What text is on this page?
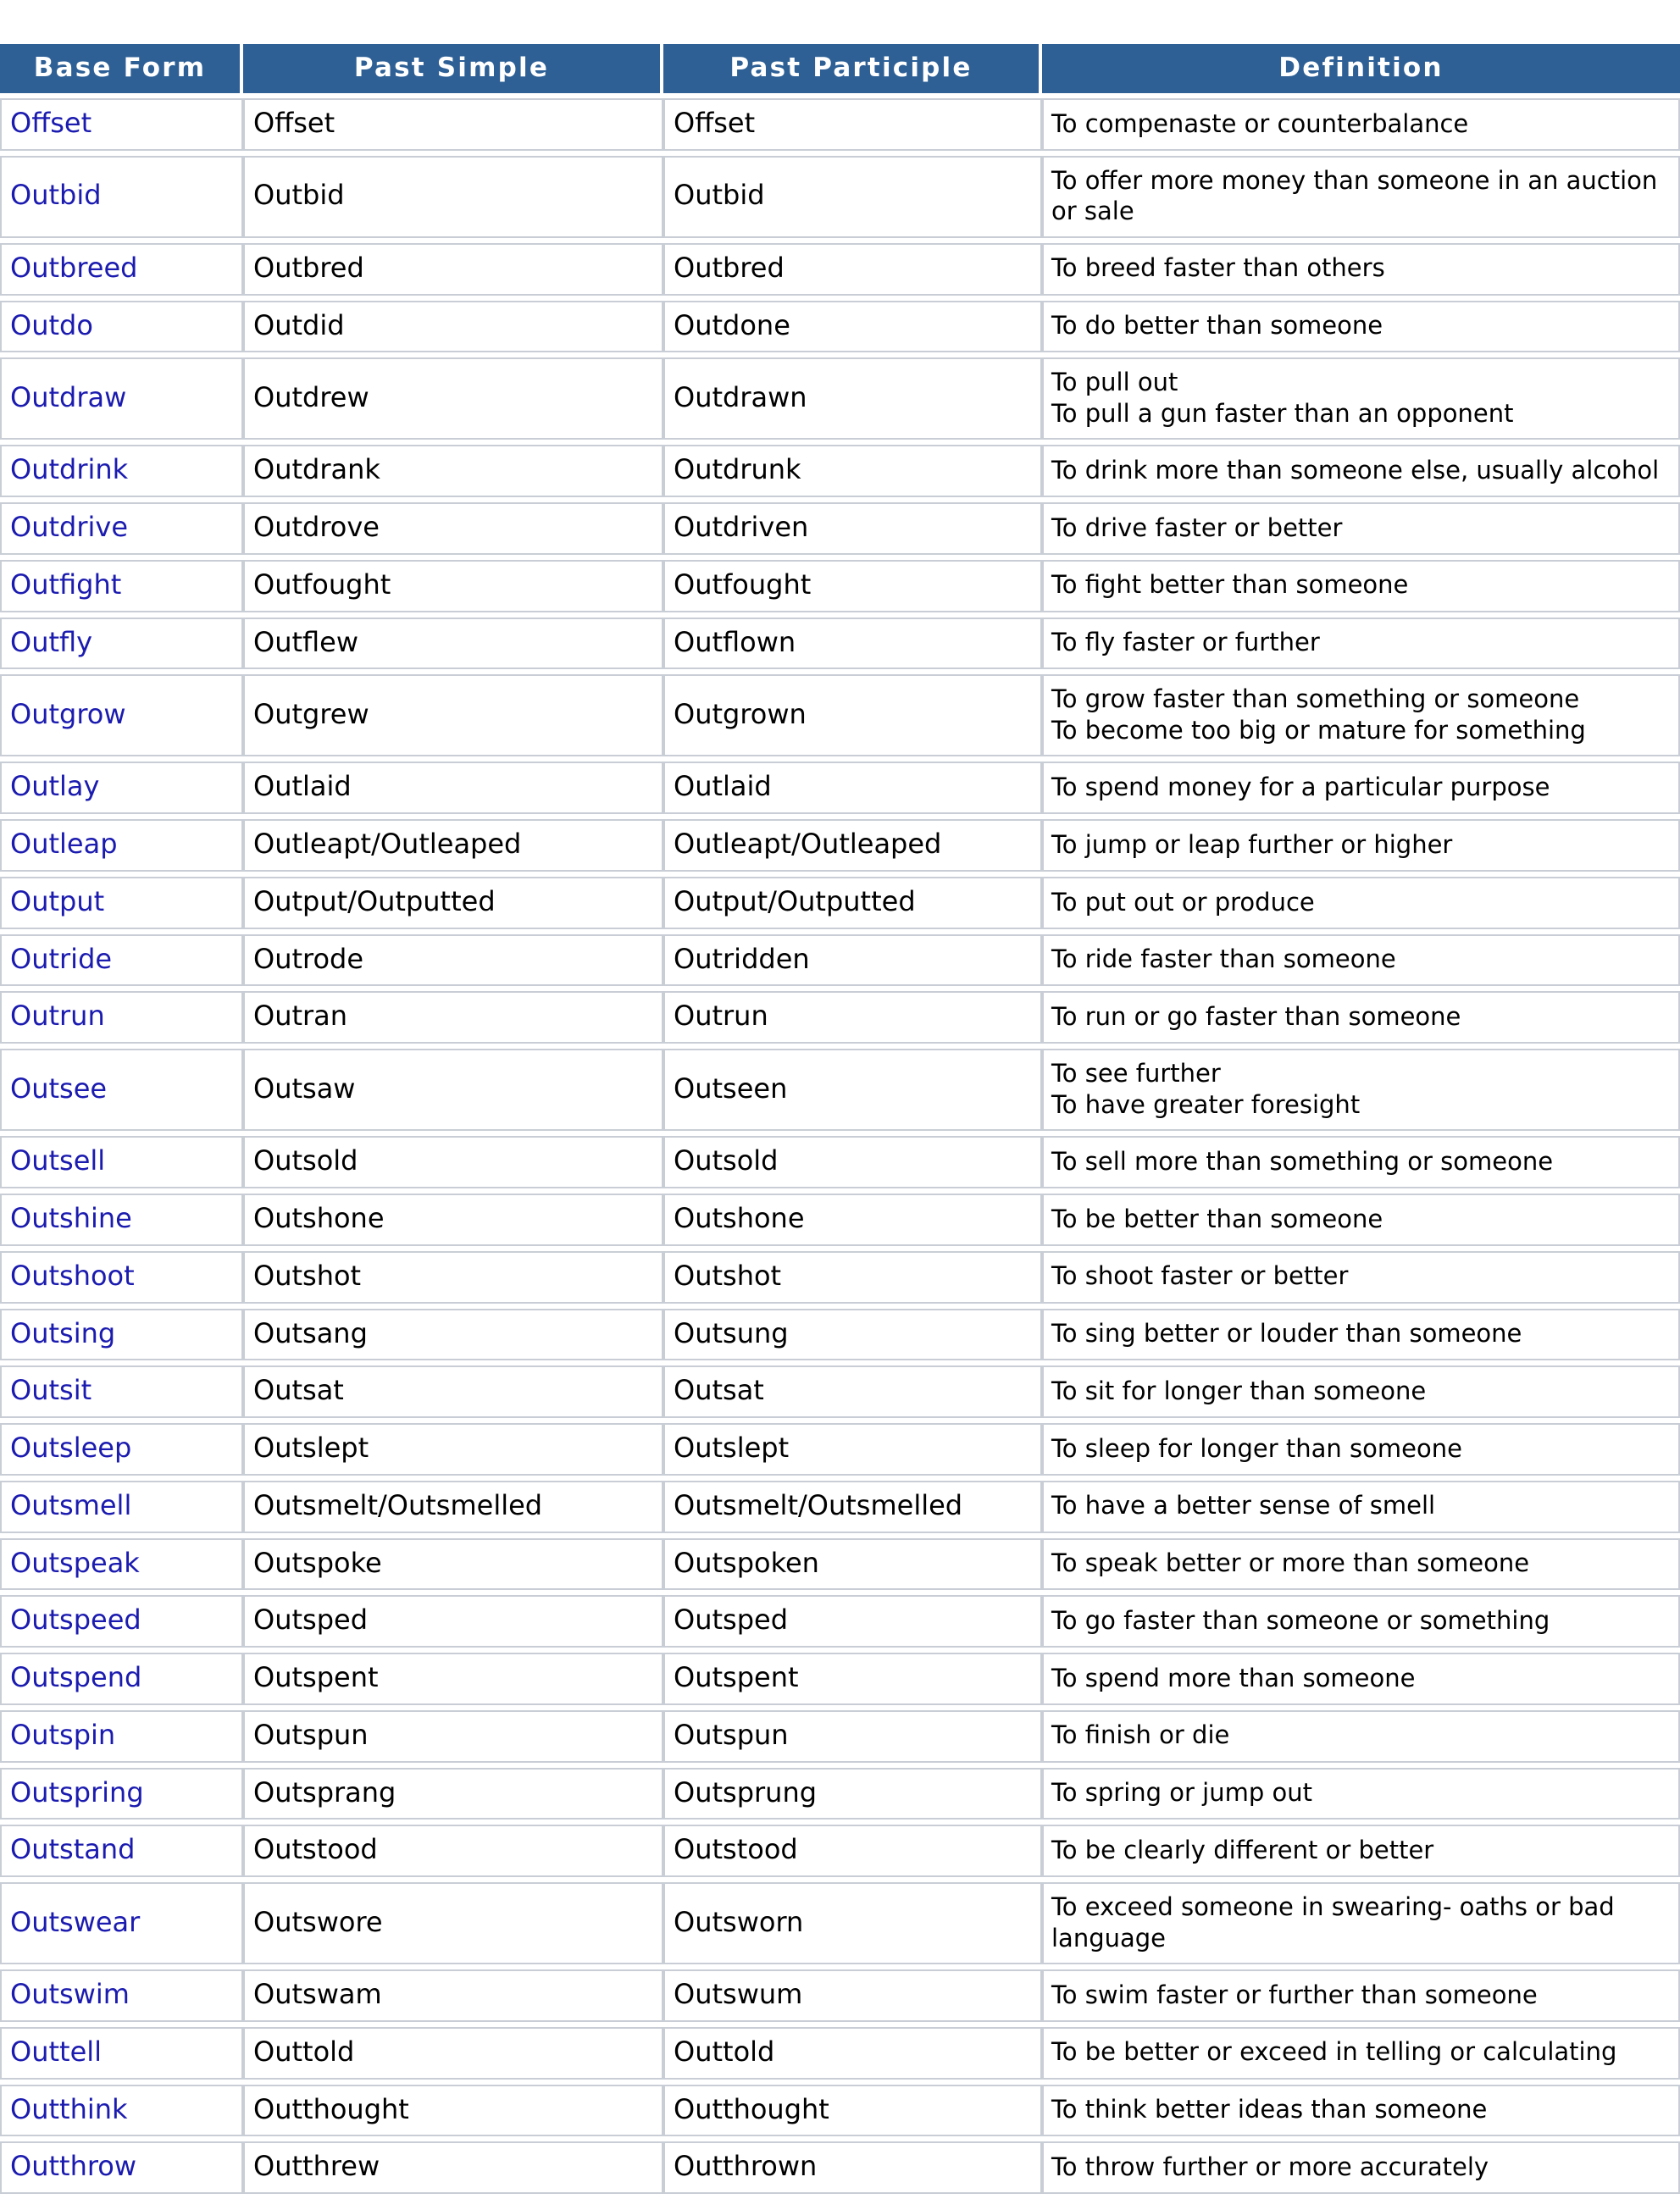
Base Form	Past Simple	Past Participle	Definition
Offset	Offset	Offset	To compenaste or counterbalance

Outbid	Outbid	Outbid	To offer more money than someone in an auction or sale

Outbreed	Outbred	Outbred	To breed faster than others

Outdo	Outdid	Outdone	To do better than someone

Outdraw	Outdrew	Outdrawn	To pull out
To pull a gun faster than an opponent

Outdrink	Outdrank	Outdrunk	To drink more than someone else, usually alcohol

Outdrive	Outdrove	Outdriven	To drive faster or better

Outfight	Outfought	Outfought	To fight better than someone

Outfly	Outflew	Outflown	To fly faster or further

Outgrow	Outgrew	Outgrown	To grow faster than something or someone
To become too big or mature for something

Outlay	Outlaid	Outlaid	To spend money for a particular purpose

Outleap	Outleapt/Outleaped	Outleapt/Outleaped	To jump or leap further or higher

Output	Output/Outputted	Output/Outputted	To put out or produce

Outride	Outrode	Outridden	To ride faster than someone

Outrun	Outran	Outrun	To run or go faster than someone

Outsee	Outsaw	Outseen	To see further
To have greater foresight

Outsell	Outsold	Outsold	To sell more than something or someone

Outshine	Outshone	Outshone	To be better than someone

Outshoot	Outshot	Outshot	To shoot faster or better

Outsing	Outsang	Outsung	To sing better or louder than someone

Outsit	Outsat	Outsat	To sit for longer than someone

Outsleep	Outslept	Outslept	To sleep for longer than someone

Outsmell	Outsmelt/Outsmelled	Outsmelt/Outsmelled	To have a better sense of smell

Outspeak	Outspoke	Outspoken	To speak better or more than someone

Outspeed	Outsped	Outsped	To go faster than someone or something

Outspend	Outspent	Outspent	To spend more than someone

Outspin	Outspun	Outspun	To finish or die

Outspring	Outsprang	Outsprung	To spring or jump out

Outstand	Outstood	Outstood	To be clearly different or better

Outswear	Outswore	Outsworn	To exceed someone in swearing- oaths or bad language

Outswim	Outswam	Outswum	To swim faster or further than someone

Outtell	Outtold	Outtold	To be better or exceed in telling or calculating

Outthink	Outthought	Outthought	To think better ideas than someone

Outthrow	Outthrew	Outthrown	To throw further or more accurately
